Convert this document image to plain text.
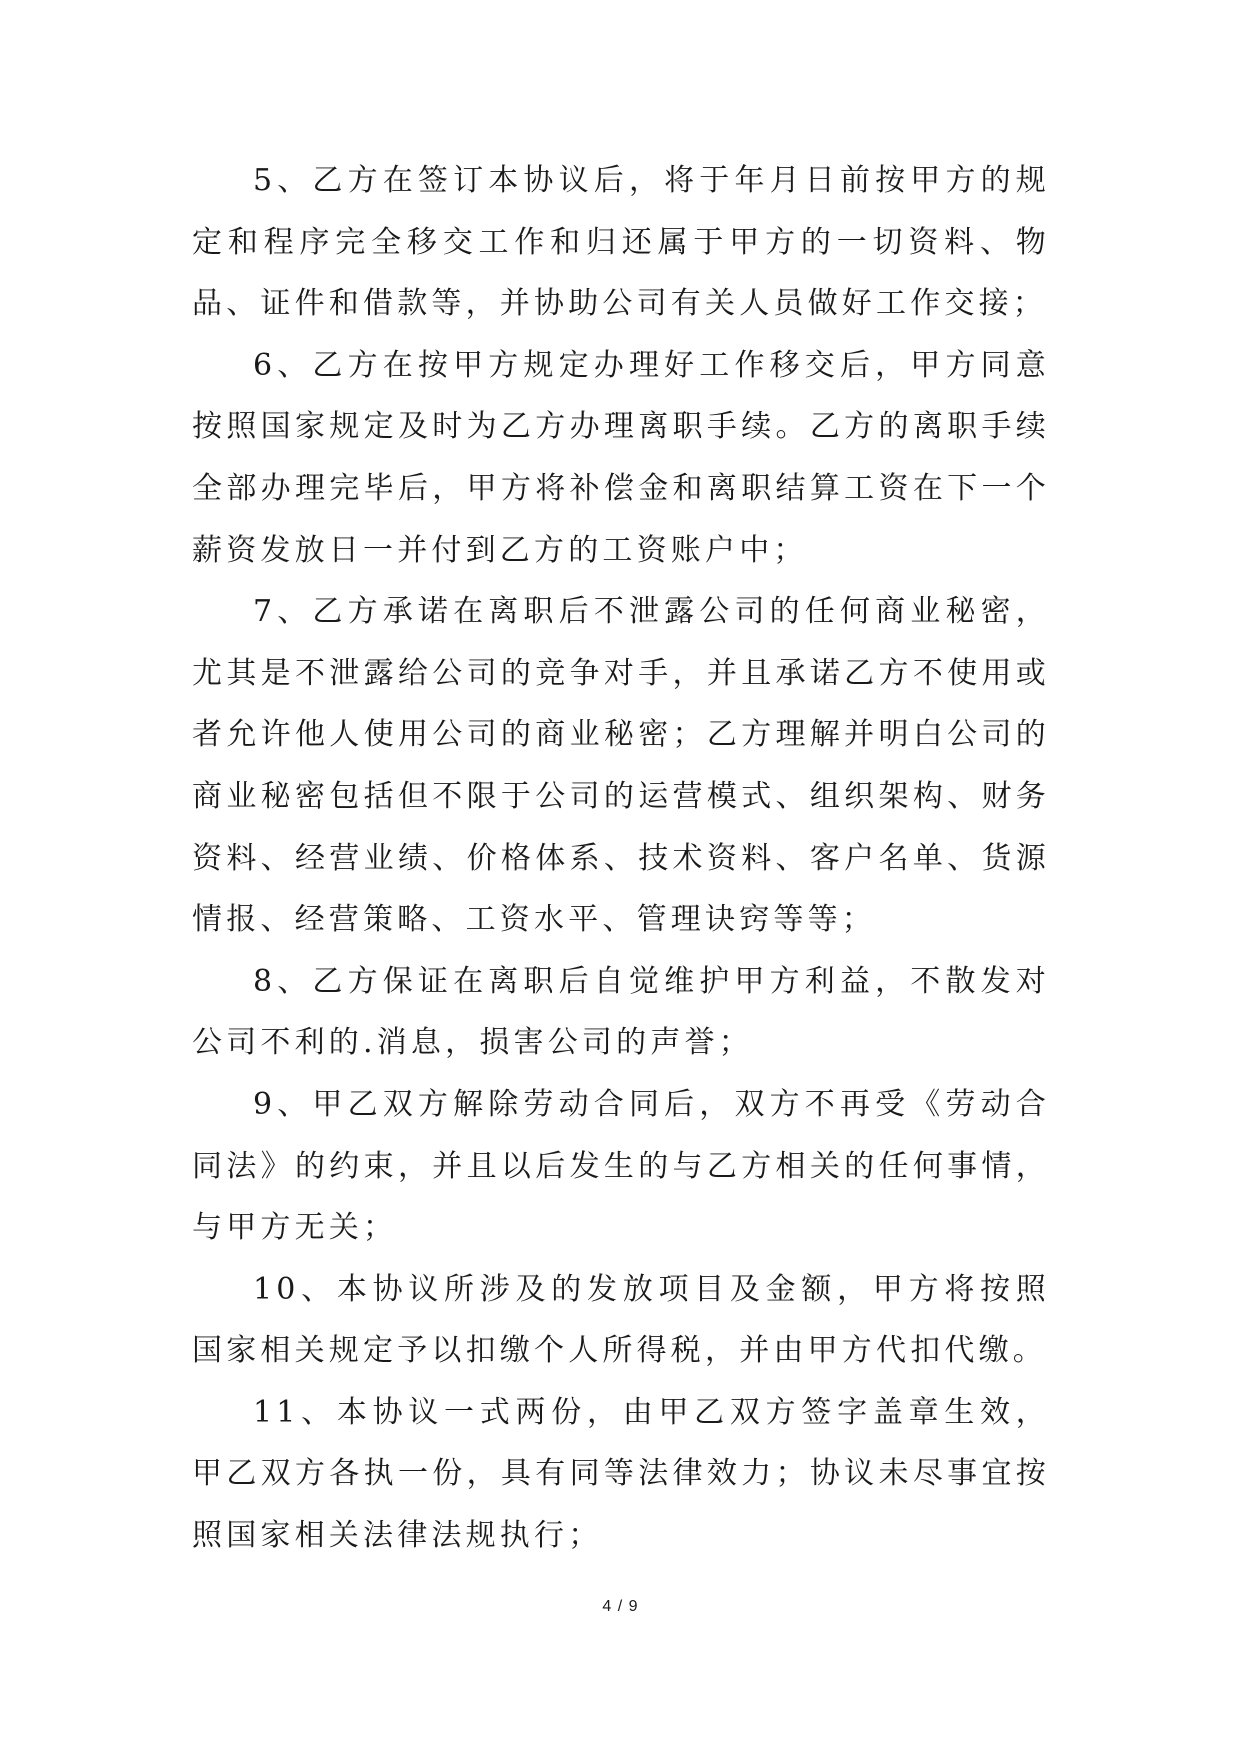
5、乙方在签订本协议后，将于年月日前按甲方的规定和程序完全移交工作和归还属于甲方的一切资料、物品、证件和借款等，并协助公司有关人员做好工作交接；

6、乙方在按甲方规定办理好工作移交后，甲方同意按照国家规定及时为乙方办理离职手续。乙方的离职手续全部办理完毕后，甲方将补偿金和离职结算工资在下一个薪资发放日一并付到乙方的工资账户中；

7、乙方承诺在离职后不泄露公司的任何商业秘密，尤其是不泄露给公司的竞争对手，并且承诺乙方不使用或者允许他人使用公司的商业秘密；乙方理解并明白公司的商业秘密包括但不限于公司的运营模式、组织架构、财务资料、经营业绩、价格体系、技术资料、客户名单、货源情报、经营策略、工资水平、管理诀窍等等；

8、乙方保证在离职后自觉维护甲方利益，不散发对公司不利的.消息，损害公司的声誉；

9、甲乙双方解除劳动合同后，双方不再受《劳动合同法》的约束，并且以后发生的与乙方相关的任何事情，与甲方无关；

10、本协议所涉及的发放项目及金额，甲方将按照国家相关规定予以扣缴个人所得税，并由甲方代扣代缴。

11、本协议一式两份，由甲乙双方签字盖章生效，甲乙双方各执一份，具有同等法律效力；协议未尽事宜按照国家相关法律法规执行；

4 / 9
